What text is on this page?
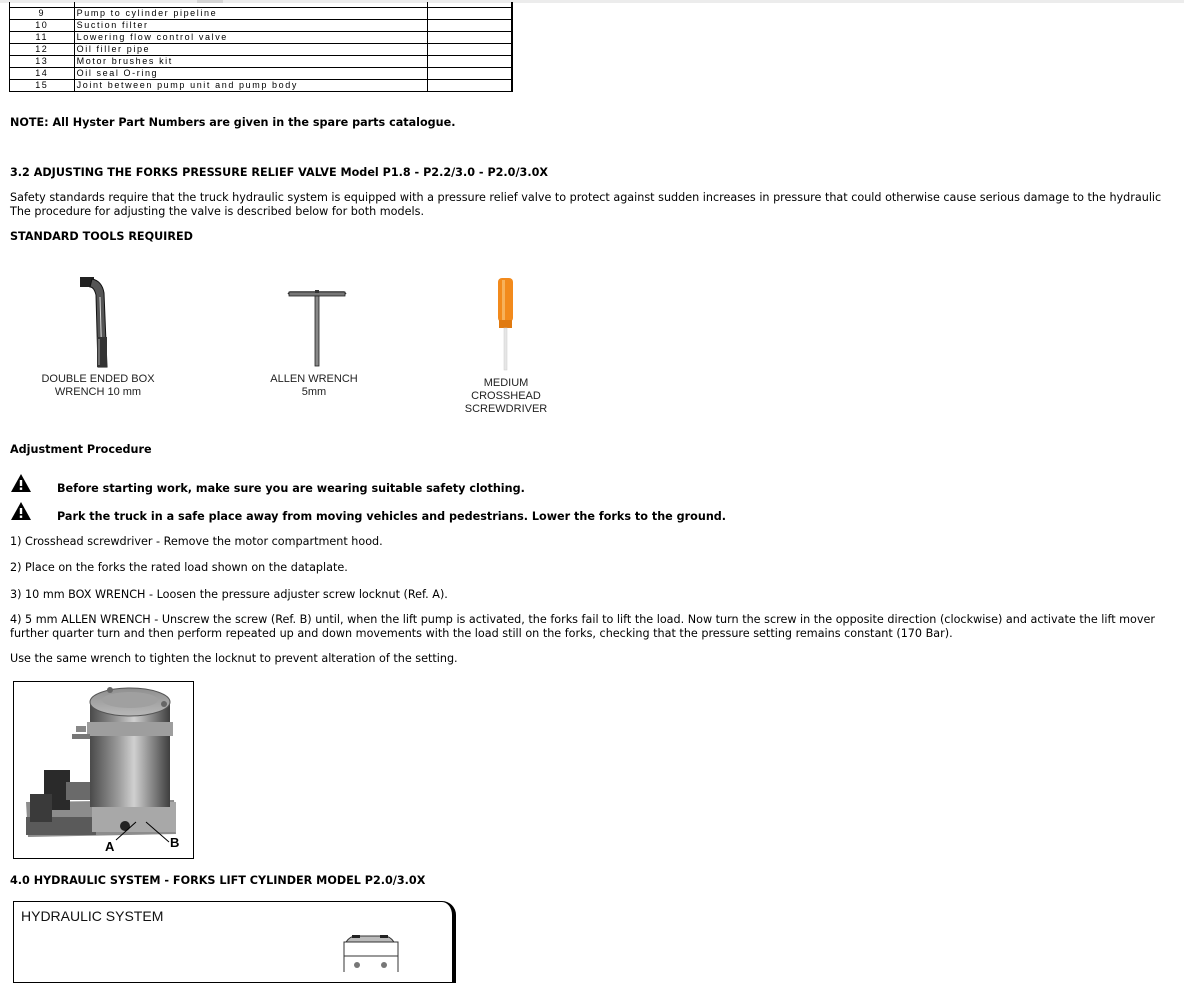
9	Pump to cylinder pipeline	
10	Suction filter	
11	Lowering flow control valve	
12	Oil filler pipe	
13	Motor brushes kit	
14	Oil seal O-ring	
15	Joint between pump unit and pump body	
NOTE: All Hyster Part Numbers are given in the spare parts catalogue.
3.2 ADJUSTING THE FORKS PRESSURE RELIEF VALVE Model P1.8 - P2.2/3.0 - P2.0/3.0X
Safety standards require that the truck hydraulic system is equipped with a pressure relief valve to protect against sudden increases in pressure that could otherwise cause serious damage to the hydraulic
The procedure for adjusting the valve is described below for both models.
STANDARD TOOLS REQUIRED
DOUBLE ENDED BOX
WRENCH 10 mm
ALLEN WRENCH
5mm
MEDIUM
CROSSHEAD
SCREWDRIVER
Adjustment Procedure
Before starting work, make sure you are wearing suitable safety clothing.
Park the truck in a safe place away from moving vehicles and pedestrians. Lower the forks to the ground.
1) Crosshead screwdriver - Remove the motor compartment hood.
2) Place on the forks the rated load shown on the dataplate.
3) 10 mm BOX WRENCH - Loosen the pressure adjuster screw locknut (Ref. A).
4) 5 mm ALLEN WRENCH - Unscrew the screw (Ref. B) until, when the lift pump is activated, the forks fail to lift the load. Now turn the screw in the opposite direction (clockwise) and activate the lift mover
further quarter turn and then perform repeated up and down movements with the load still on the forks, checking that the pressure setting remains constant (170 Bar).
Use the same wrench to tighten the locknut to prevent alteration of the setting.
A	B
4.0 HYDRAULIC SYSTEM - FORKS LIFT CYLINDER MODEL P2.0/3.0X
HYDRAULIC SYSTEM
